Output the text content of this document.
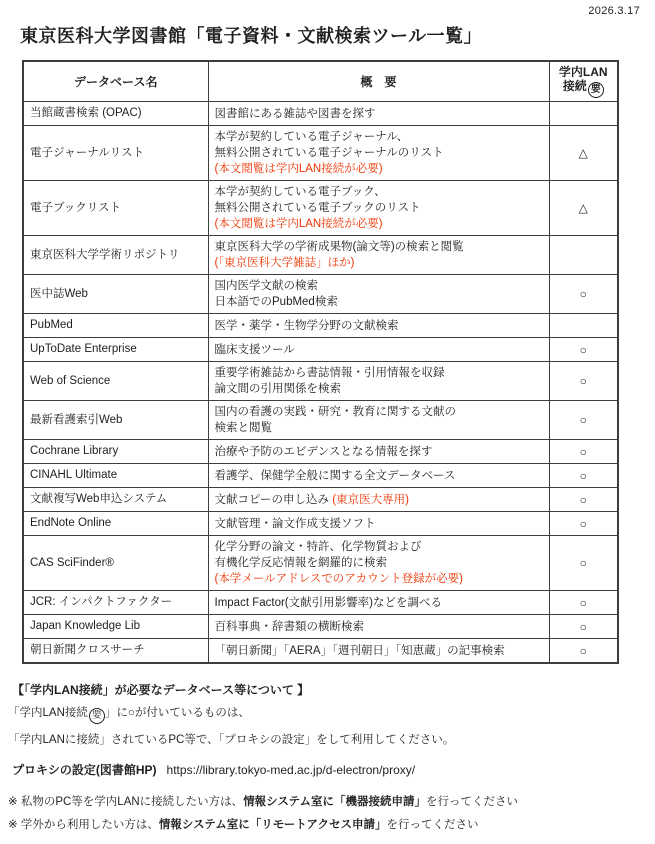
2026.3.17
東京医科大学図書館「電子資料・文献検索ツール一覧」
データベース名	概　要	学内LAN
接続 要

当館蔵書検索 (OPAC)	図書館にある雑誌や図書を探す	

電子ジャーナルリスト	本学が契約している電子ジャーナル、
無料公開されている電子ジャーナルのリスト
(本文閲覧は学内LAN接続が必要)	△
電子ブックリスト	本学が契約している電子ブック、
無料公開されている電子ブックのリスト
(本文閲覧は学内LAN接続が必要)	△
東京医科大学学術リポジトリ	東京医科大学の学術成果物(論文等)の検索と閲覧
(「東京医科大学雑誌」ほか)	

医中誌Web	国内医学文献の検索
日本語でのPubMed検索	○
PubMed	医学・薬学・生物学分野の文献検索	

UpToDate Enterprise	臨床支援ツール	○
Web of Science	重要学術雑誌から書誌情報・引用情報を収録
論文間の引用関係を検索	○
最新看護索引Web	国内の看護の実践・研究・教育に関する文献の
検索と閲覧	○
Cochrane Library	治療や予防のエビデンスとなる情報を探す	○
CINAHL Ultimate	看護学、保健学全般に関する全文データベース	○
文献複写Web申込システム	文献コピーの申し込み (東京医大専用)	○
EndNote Online	文献管理・論文作成支援ソフト	○
CAS SciFinder®	化学分野の論文・特許、化学物質および
有機化学反応情報を網羅的に検索
(本学メールアドレスでのアカウント登録が必要)	○
JCR: インパクトファクター	Impact Factor(文献引用影響率)などを調べる	○
Japan Knowledge Lib	百科事典・辞書類の横断検索	○
朝日新聞クロスサーチ	「朝日新聞」「AERA」「週刊朝日」「知恵蔵」の記事検索	○
【「学内LAN接続」が必要なデータベース等について 】
「学内LAN接続 要 」に○が付いているものは、
「学内LANに接続」されているPC等で、「プロキシの設定」をして利用してください。
プロキシの設定(図書館HP) https://library.tokyo-med.ac.jp/d-electron/proxy/
※ 私物のPC等を学内LANに接続したい方は、情報システム室に「機器接続申請」を行ってください
※ 学外から利用したい方は、情報システム室に「リモートアクセス申請」を行ってください
